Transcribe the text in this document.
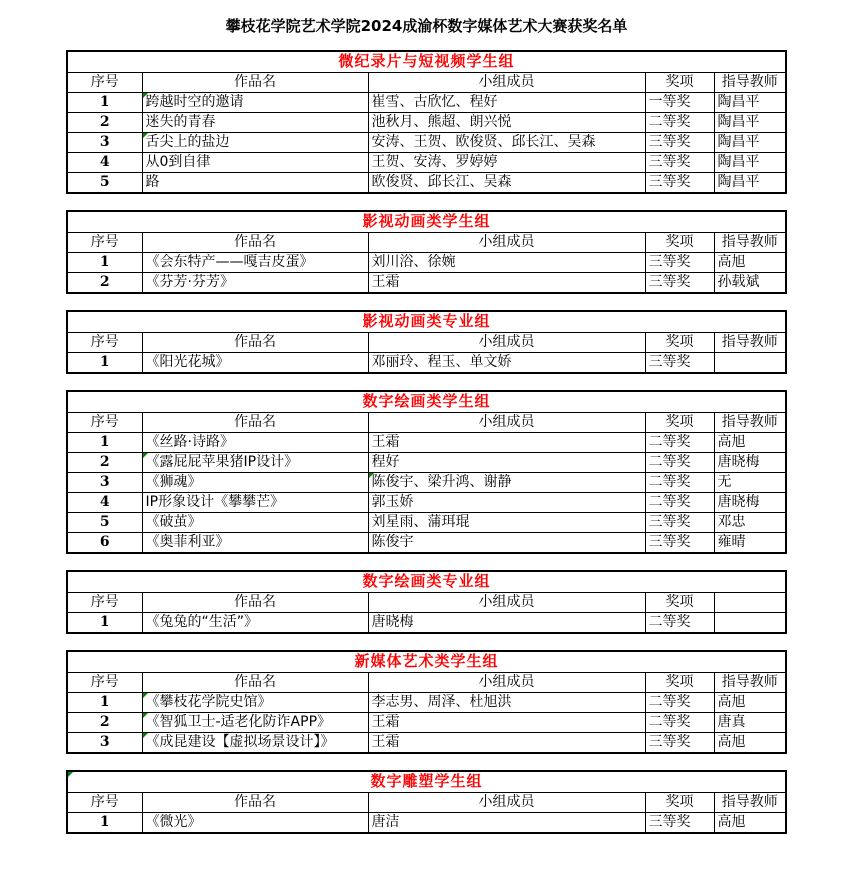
攀枝花学院艺术学院2024成渝杯数字媒体艺术大赛获奖名单
微纪录片与短视频学生组				
序号	作品名	小组成员	奖项	指导教师
1	跨越时空的邀请	崔雪、古欣忆、程好	一等奖	陶昌平
2	迷失的青春	池秋月、熊超、朗兴悦	二等奖	陶昌平
3	舌尖上的盐边	安涛、王贺、欧俊贤、邱长江、吴森	三等奖	陶昌平
4	从0到自律	王贺、安涛、罗婷婷	三等奖	陶昌平
5	路	欧俊贤、邱长江、吴森	三等奖	陶昌平
影视动画类学生组				
序号	作品名	小组成员	奖项	指导教师
1	《会东特产——嘎吉皮蛋》	刘川浴、徐婉	三等奖	高旭
2	《芬芳·芬芳》	王霜	三等奖	孙载斌
影视动画类专业组				
序号	作品名	小组成员	奖项	指导教师
1	《阳光花城》	邓丽玲、程玉、单文娇	三等奖	
数字绘画类学生组				
序号	作品名	小组成员	奖项	指导教师
1	《丝路·诗路》	王霜	二等奖	高旭
2	《露屁屁苹果猪IP设计》	程好	二等奖	唐晓梅
3	《狮魂》	陈俊宇、梁升鸿、谢静	二等奖	无
4	IP形象设计《攀攀芒》	郭玉娇	二等奖	唐晓梅
5	《破茧》	刘星雨、蒲珥琨	三等奖	邓忠
6	《奥菲利亚》	陈俊宇	三等奖	雍晴
数字绘画类专业组				
序号	作品名	小组成员	奖项	
1	《兔兔的“生活”》	唐晓梅	二等奖	
新媒体艺术类学生组				
序号	作品名	小组成员	奖项	指导教师
1	《攀枝花学院史馆》	李志男、周泽、杜旭洪	二等奖	高旭
2	《智狐卫士-适老化防诈APP》	王霜	二等奖	唐真
3	《成昆建设【虚拟场景设计】》	王霜	三等奖	高旭
数字雕塑学生组				
序号	作品名	小组成员	奖项	指导教师
1	《微光》	唐洁	三等奖	高旭
